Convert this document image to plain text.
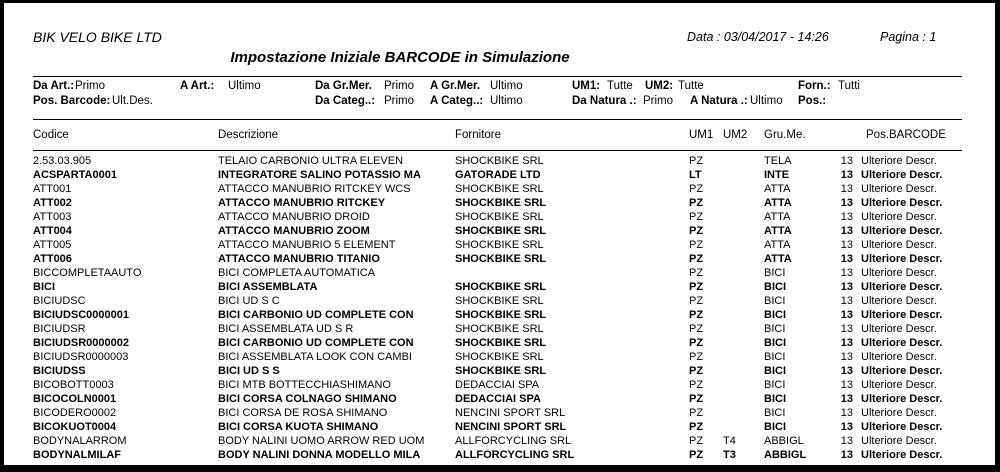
BIK VELO BIKE LTD	Data : 03/04/2017 - 14:26	Pagina : 1
Impostazione Iniziale BARCODE in Simulazione
Da Art.: Primo	A Art.: Ultimo	Da Gr.Mer. Primo A Gr.Mer. Ultimo	UM1: Tutte UM2: Tutte	Forn.: Tutti
Pos. Barcode: Ult.Des.	Da Categ..: Primo A Categ..: Ultimo	Da Natura .: Primo A Natura .: Ultimo Pos.:
Codice	Descrizione	Fornitore	UM1	UM2	Gru.Me.		Pos.BARCODE
2.53.03.905	TELAIO CARBONIO ULTRA ELEVEN	SHOCKBIKE SRL	PZ		TELA	13	Ulteriore Descr.
ACSPARTA0001	INTEGRATORE SALINO POTASSIO MA	GATORADE LTD	LT		INTE	13	Ulteriore Descr.
ATT001	ATTACCO MANUBRIO RITCKEY WCS	SHOCKBIKE SRL	PZ		ATTA	13	Ulteriore Descr.
ATT002	ATTACCO MANUBRIO RITCKEY	SHOCKBIKE SRL	PZ		ATTA	13	Ulteriore Descr.
ATT003	ATTACCO MANUBRIO DROID	SHOCKBIKE SRL	PZ		ATTA	13	Ulteriore Descr.
ATT004	ATTACCO MANUBRIO ZOOM	SHOCKBIKE SRL	PZ		ATTA	13	Ulteriore Descr.
ATT005	ATTACCO MANUBRIO 5 ELEMENT	SHOCKBIKE SRL	PZ		ATTA	13	Ulteriore Descr.
ATT006	ATTACCO MANUBRIO TITANIO	SHOCKBIKE SRL	PZ		ATTA	13	Ulteriore Descr.
BICCOMPLETAAUTO	BICI COMPLETA AUTOMATICA		PZ		BICI	13	Ulteriore Descr.
BICI	BICI ASSEMBLATA	SHOCKBIKE SRL	PZ		BICI	13	Ulteriore Descr.
BICIUDSC	BICI UD S C	SHOCKBIKE SRL	PZ		BICI	13	Ulteriore Descr.
BICIUDSC0000001	BICI CARBONIO UD COMPLETE CON	SHOCKBIKE SRL	PZ		BICI	13	Ulteriore Descr.
BICIUDSR	BICI ASSEMBLATA UD S R	SHOCKBIKE SRL	PZ		BICI	13	Ulteriore Descr.
BICIUDSR0000002	BICI CARBONIO UD COMPLETE CON	SHOCKBIKE SRL	PZ		BICI	13	Ulteriore Descr.
BICIUDSR0000003	BICI ASSEMBLATA LOOK CON CAMBI	SHOCKBIKE SRL	PZ		BICI	13	Ulteriore Descr.
BICIUDSS	BICI UD S S	SHOCKBIKE SRL	PZ		BICI	13	Ulteriore Descr.
BICOBOTT0003	BICI MTB BOTTECCHIASHIMANO	DEDACCIAI SPA	PZ		BICI	13	Ulteriore Descr.
BICOCOLN0001	BICI CORSA COLNAGO SHIMANO	DEDACCIAI SPA	PZ		BICI	13	Ulteriore Descr.
BICODERO0002	BICI CORSA DE ROSA SHIMANO	NENCINI SPORT SRL	PZ		BICI	13	Ulteriore Descr.
BICOKUOT0004	BICI CORSA KUOTA SHIMANO	NENCINI SPORT SRL	PZ		BICI	13	Ulteriore Descr.
BODYNALARROM	BODY NALINI UOMO ARROW RED UOM	ALLFORCYCLING SRL	PZ	T4	ABBIGL	13	Ulteriore Descr.
BODYNALMILAF	BODY NALINI DONNA MODELLO MILA	ALLFORCYCLING SRL	PZ	T3	ABBIGL	13	Ulteriore Descr.
